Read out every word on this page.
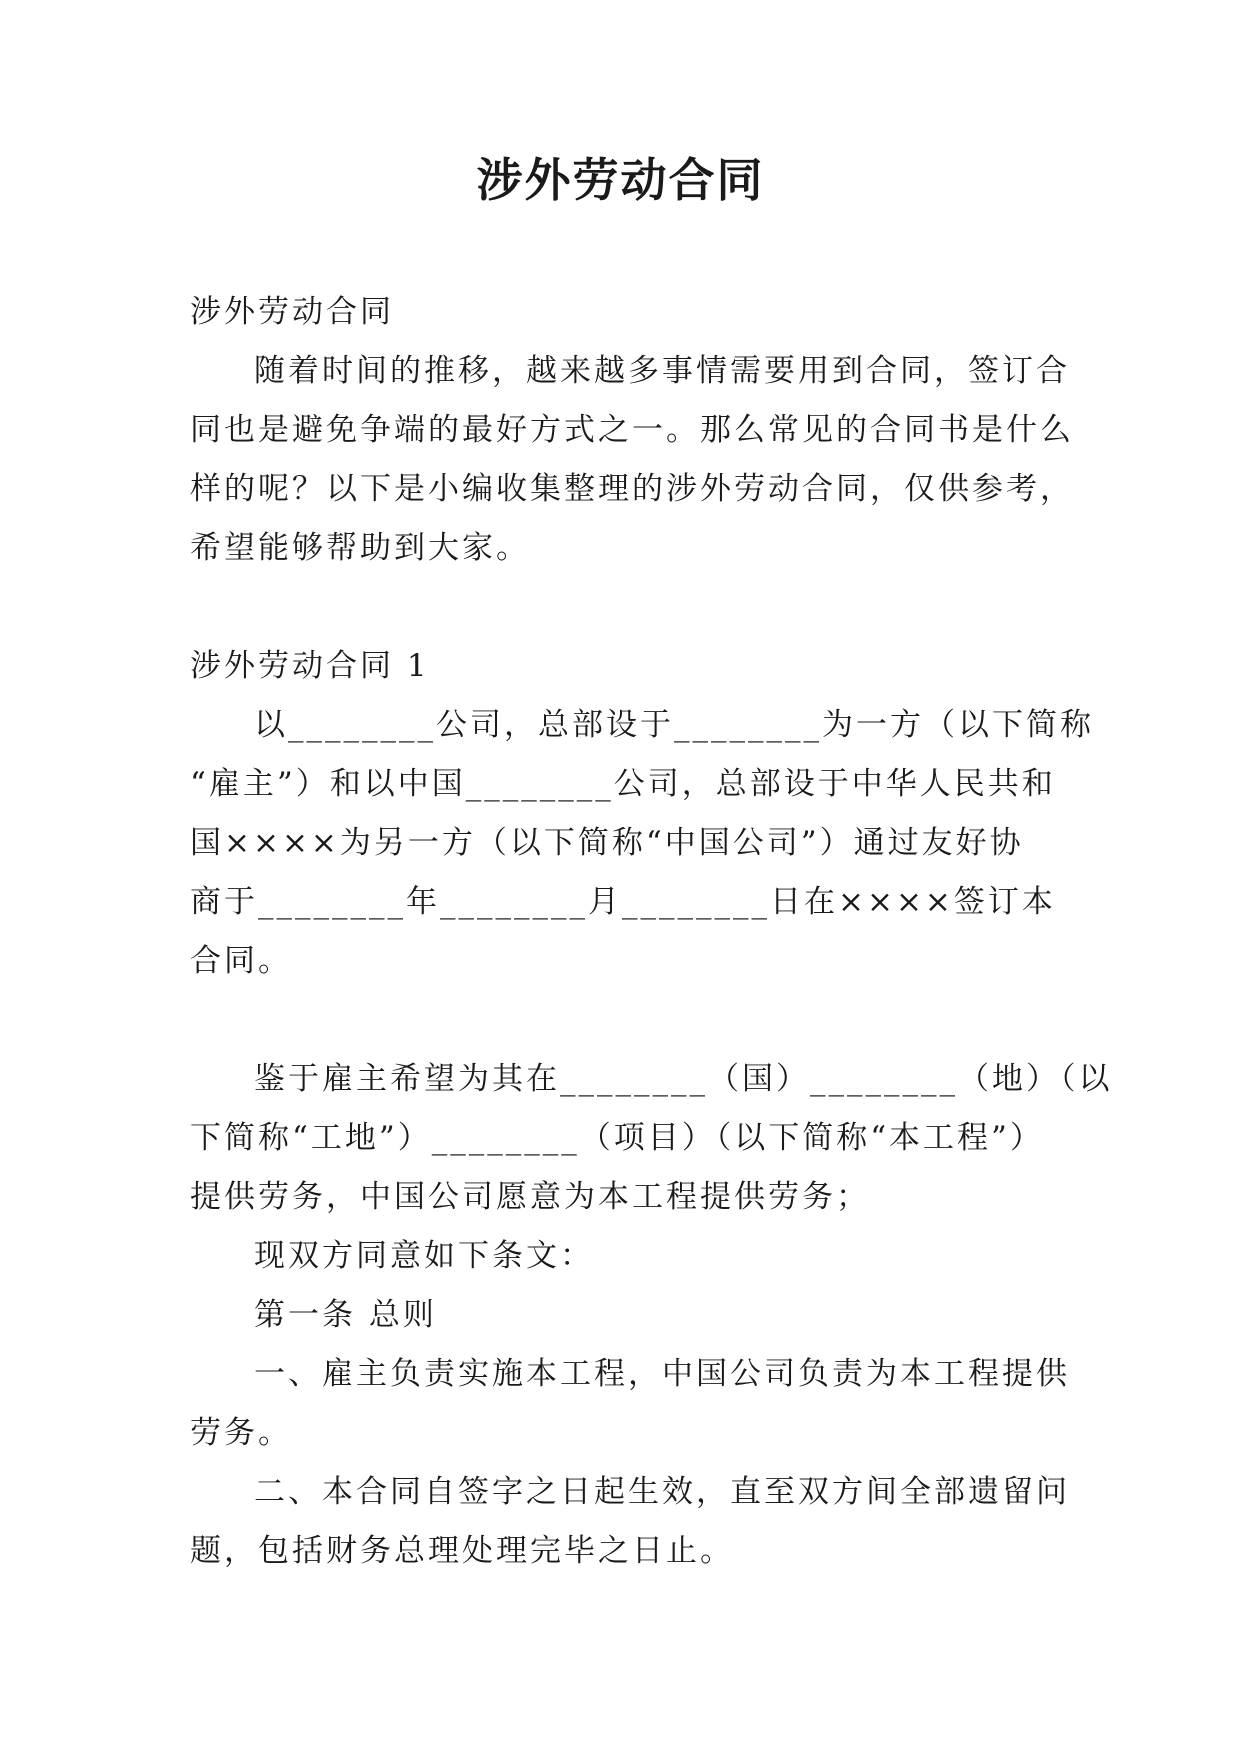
涉外劳动合同
涉外劳动合同
随着时间的推移，越来越多事情需要用到合同，签订合
同也是避免争端的最好方式之一。那么常见的合同书是什么
样的呢？以下是小编收集整理的涉外劳动合同，仅供参考，
希望能够帮助到大家。
涉外劳动合同 1
以________公司，总部设于________为一方（以下简称
“雇主”）和以中国________公司，总部设于中华人民共和
国××××为另一方（以下简称“中国公司”）通过友好协
商于________年________月________日在××××签订本
合同。
鉴于雇主希望为其在________（国）________（地）（以
下简称“工地”）________（项目）（以下简称“本工程”）
提供劳务，中国公司愿意为本工程提供劳务；
现双方同意如下条文：
第一条 总则
一、雇主负责实施本工程，中国公司负责为本工程提供
劳务。
二、本合同自签字之日起生效，直至双方间全部遗留问
题，包括财务总理处理完毕之日止。
